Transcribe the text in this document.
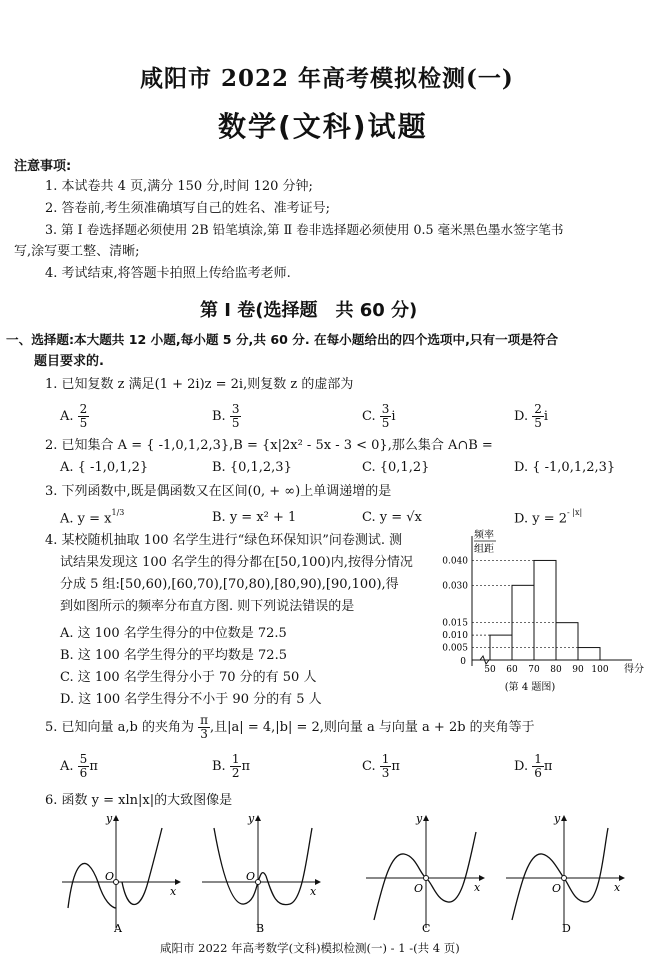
咸阳市 2022 年高考模拟检测(一)
数学(文科)试题
注意事项:
1. 本试卷共 4 页,满分 150 分,时间 120 分钟;
2. 答卷前,考生须准确填写自己的姓名、准考证号;
3. 第 Ⅰ 卷选择题必须使用 2B 铅笔填涂,第 Ⅱ 卷非选择题必须使用 0.5 毫米黑色墨水签字笔书
写,涂写要工整、清晰;
4. 考试结束,将答题卡拍照上传给监考老师.
第 Ⅰ 卷(选择题　共 60 分)
一、选择题:本大题共 12 小题,每小题 5 分,共 60 分. 在每小题给出的四个选项中,只有一项是符合
题目要求的.
1. 已知复数 z 满足(1 + 2i)z = 2i,则复数 z 的虚部为
A. $\frac{2}{5}$	B. $\frac{3}{5}$	C. $\frac{3}{5}$ i	D. $\frac{2}{5}$ i
2. 已知集合 A = { -1,0,1,2,3},B = {x|2x² - 5x - 3 < 0},那么集合 A∩B =
A. { -1,0,1,2}	B. {0,1,2,3}	C. {0,1,2}	D. { -1,0,1,2,3}
3. 下列函数中,既是偶函数又在区间(0, + ∞)上单调递增的是
A. $y = x^{1/3}$	B. y = x² + 1	C. y = √x	D. $y = 2^{- |x|}$
4. 某校随机抽取 100 名学生进行“绿色环保知识”问卷测试. 测
试结果发现这 100 名学生的得分都在[50,100)内,按得分情况
分成 5 组:[50,60),[60,70),[70,80),[80,90),[90,100),得
到如图所示的频率分布直方图. 则下列说法错误的是
A. 这 100 名学生得分的中位数是 72.5
B. 这 100 名学生得分的平均数是 72.5
C. 这 100 名学生得分小于 70 分的有 50 人
D. 这 100 名学生得分不小于 90 分的有 5 人
0.040
0.030
0.015
0.010
0.005
0
50 60 70 80 90 100
频率
组距
得分
(第 4 题图)
5. 已知向量 a,b 的夹角为 $\frac{\pi}{3}$ ,且|a| = 4,|b| = 2,则向量 a 与向量 a + 2b 的夹角等于
A. $\frac{5}{6}$ π	B. $\frac{1}{2}$ π	C. $\frac{1}{3}$ π	D. $\frac{1}{6}$ π
6. 函数 y = xln|x|的大致图像是
y
x
O
A
y
x
O
B
y
x
O
C
y
x
O
D
咸阳市 2022 年高考数学(文科)模拟检测(一) - 1 -(共 4 页)
